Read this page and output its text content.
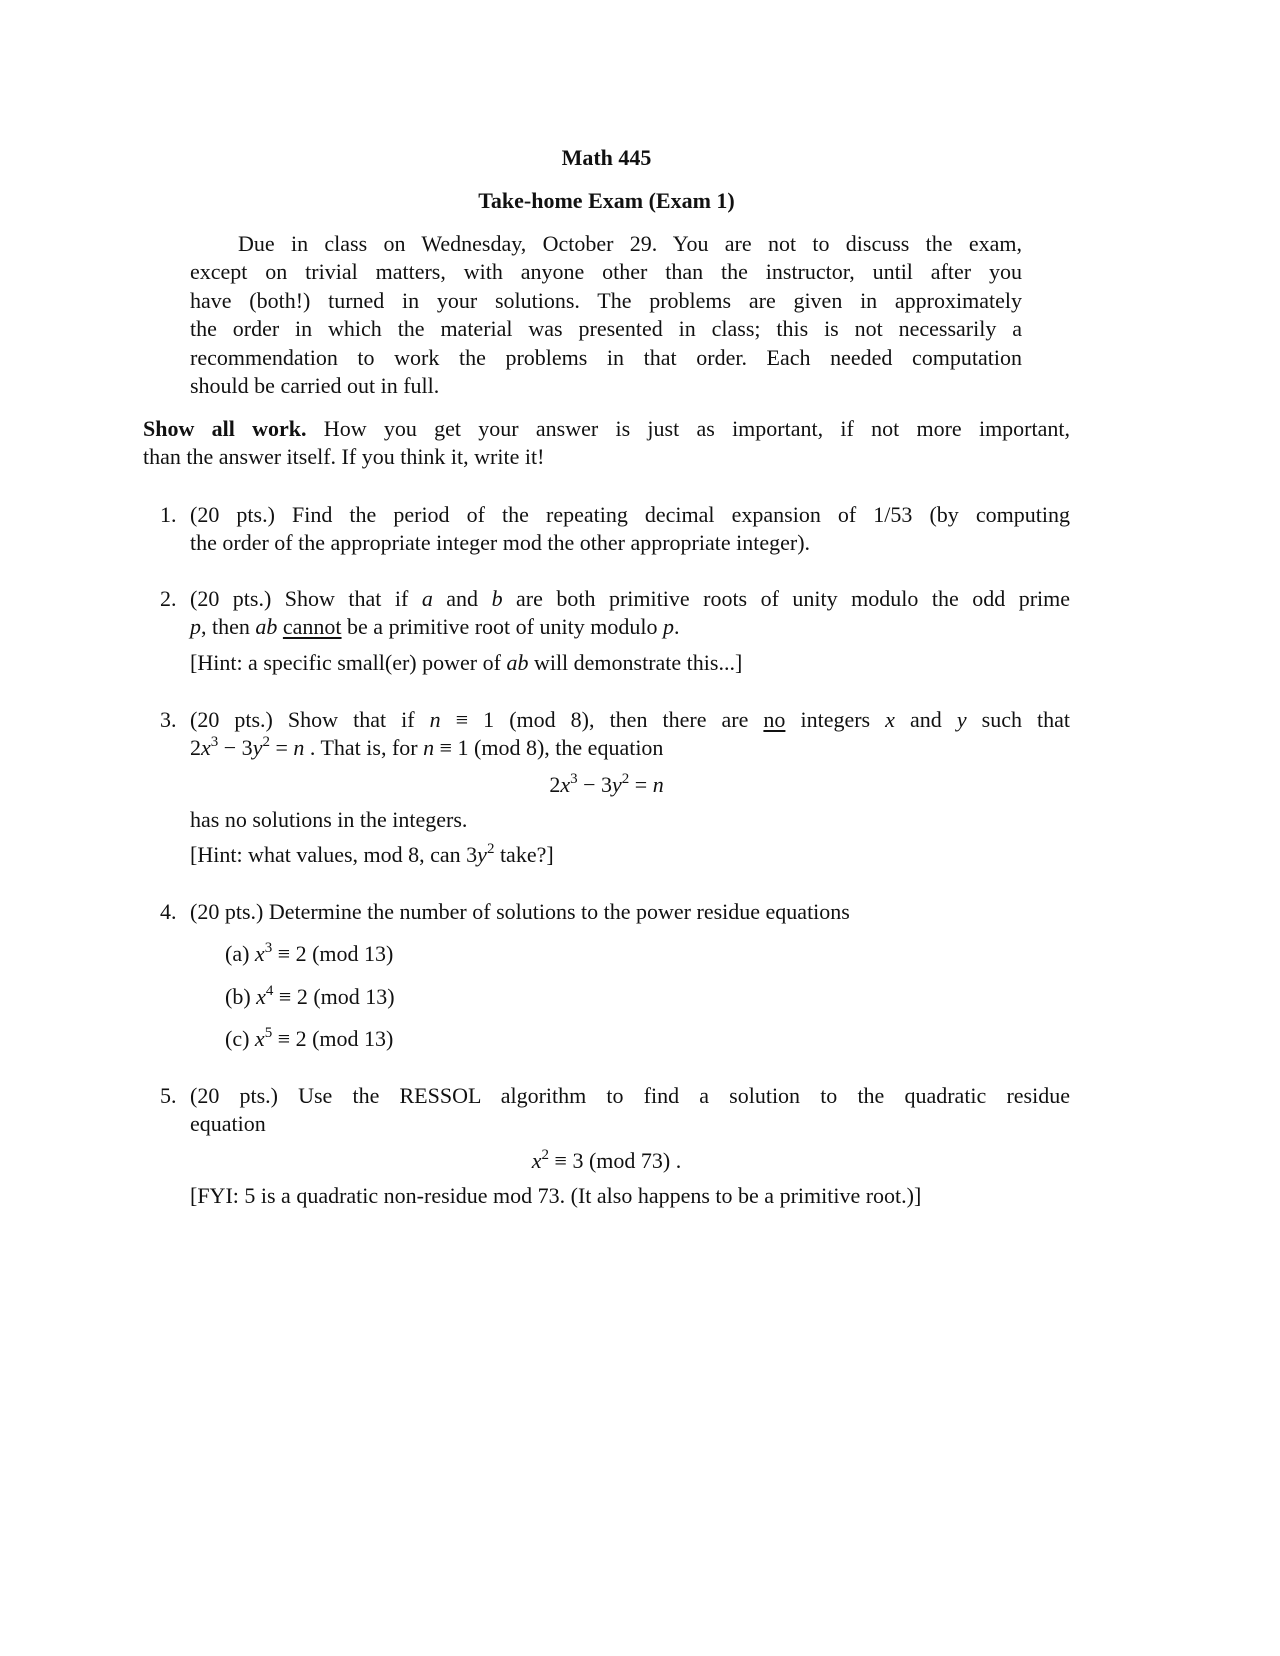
Math 445
Take-home Exam (Exam 1)
Due in class on Wednesday, October 29. You are not to discuss the exam,
except on trivial matters, with anyone other than the instructor, until after you
have (both!) turned in your solutions. The problems are given in approximately
the order in which the material was presented in class; this is not necessarily a
recommendation to work the problems in that order. Each needed computation
should be carried out in full.
Show all work. How you get your answer is just as important, if not more important,
than the answer itself. If you think it, write it!
1. (20 pts.) Find the period of the repeating decimal expansion of 1/53 (by computing
the order of the appropriate integer mod the other appropriate integer).
2. (20 pts.) Show that if a and b are both primitive roots of unity modulo the odd prime
p, then ab cannot be a primitive root of unity modulo p.
[Hint: a specific small(er) power of ab will demonstrate this...]
3. (20 pts.) Show that if n ≡ 1 (mod 8), then there are no integers x and y such that
$2x^3 - 3y^2 = n$ . That is, for n ≡ 1 (mod 8), the equation
$2x^3 - 3y^2 = n$
has no solutions in the integers.
[Hint: what values, mod 8, can $3y^2$ take?]
4. (20 pts.) Determine the number of solutions to the power residue equations
(a) $x^3 \equiv 2$ (mod 13)
(b) $x^4 \equiv 2$ (mod 13)
(c) $x^5 \equiv 2$ (mod 13)
5. (20 pts.) Use the RESSOL algorithm to find a solution to the quadratic residue
equation
$x^2 \equiv 3$ (mod 73) .
[FYI: 5 is a quadratic non-residue mod 73. (It also happens to be a primitive root.)]
